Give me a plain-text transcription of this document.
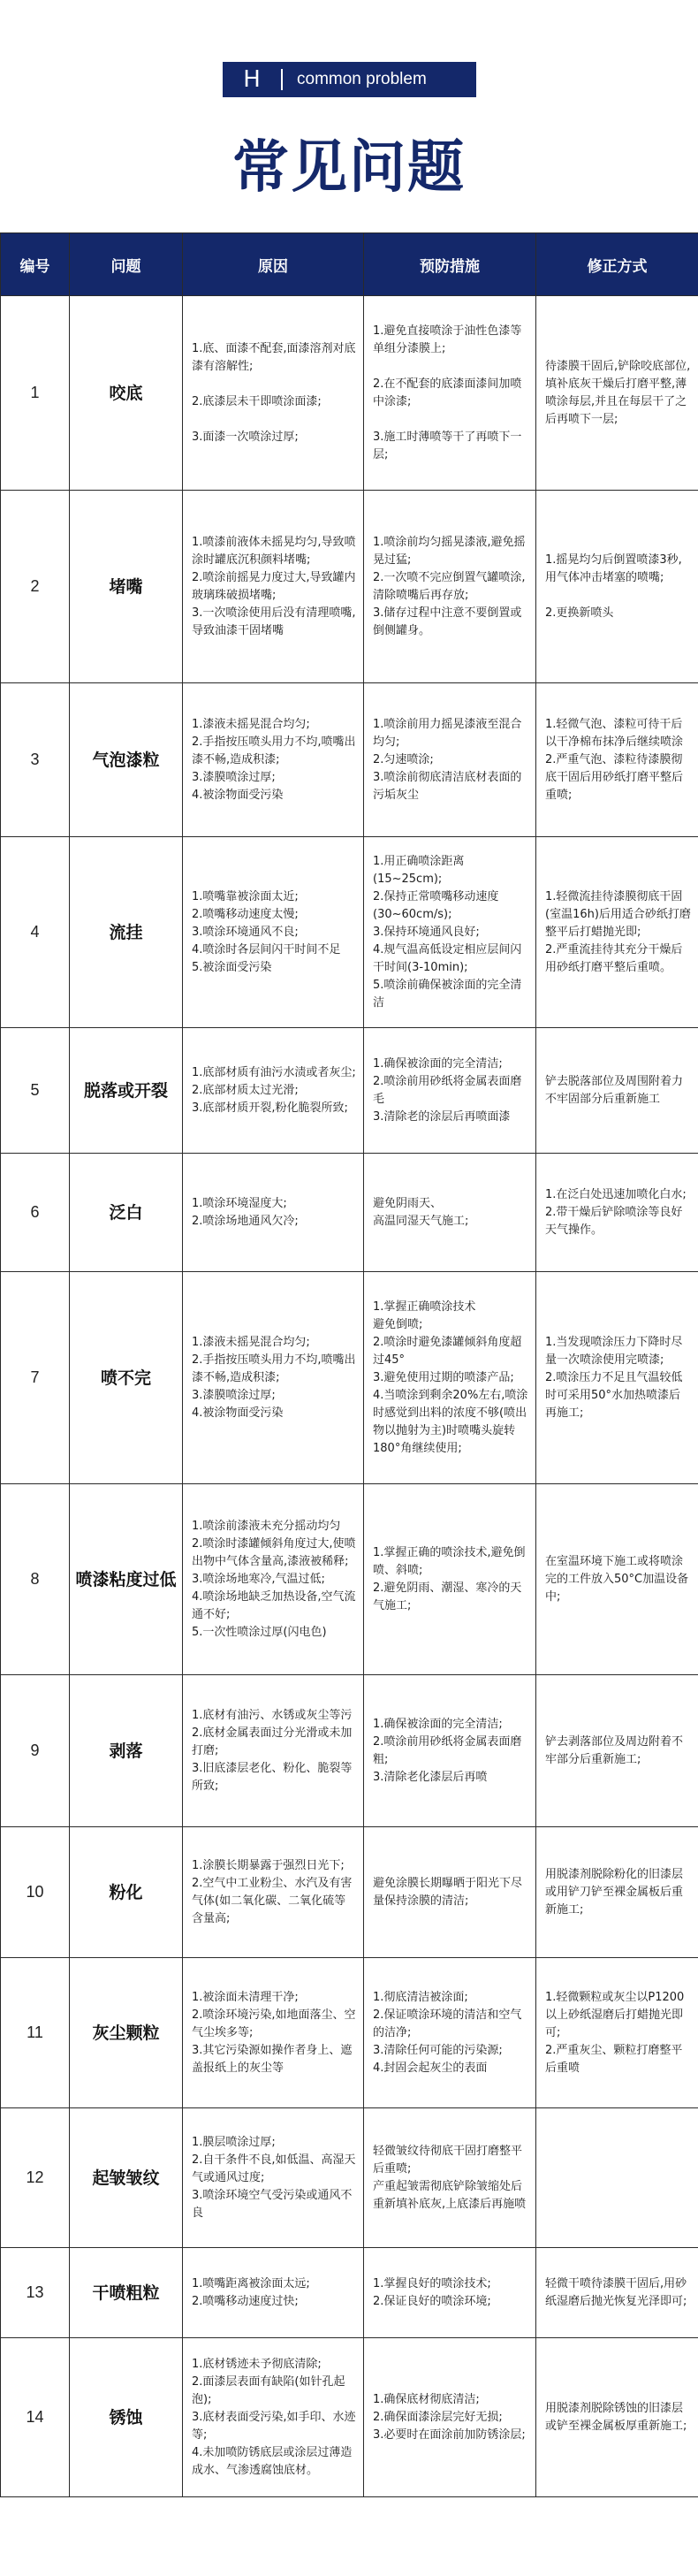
H	common problem
常见问题
编号	问题	原因	预防措施	修正方式
1	咬底	1.底、面漆不配套,面漆溶剂对底漆有溶解性;

2.底漆层未干即喷涂面漆;

3.面漆一次喷涂过厚;	1.避免直接喷涂于油性色漆等单组分漆膜上;

2.在不配套的底漆面漆间加喷中涂漆;

3.施工时薄喷等干了再喷下一层;	待漆膜干固后,铲除咬底部位,填补底灰干燥后打磨平整,薄喷涂每层,并且在每层干了之后再喷下一层;
2	堵嘴	1.喷漆前液体未摇晃均匀,导致喷涂时罐底沉积颜料堵嘴;
2.喷涂前摇晃力度过大,导致罐内玻璃珠破损堵嘴;
3.一次喷涂使用后没有清理喷嘴,导致油漆干固堵嘴	1.喷涂前均匀摇晃漆液,避免摇晃过猛;
2.一次喷不完应倒置气罐喷涂,清除喷嘴后再存放;
3.储存过程中注意不要倒置或倒侧罐身。	1.摇晃均匀后倒置喷漆3秒,用气体冲击堵塞的喷嘴;

2.更换新喷头
3	气泡漆粒	1.漆液未摇晃混合均匀;
2.手指按压喷头用力不均,喷嘴出漆不畅,造成积漆;
3.漆膜喷涂过厚;
4.被涂物面受污染	1.喷涂前用力摇晃漆液至混合均匀;
2.匀速喷涂;
3.喷涂前彻底清洁底材表面的污垢灰尘	1.轻微气泡、漆粒可待干后以干净棉布抹净后继续喷涂
2.严重气泡、漆粒待漆膜彻底干固后用砂纸打磨平整后重喷;
4	流挂	1.喷嘴靠被涂面太近;
2.喷嘴移动速度太慢;
3.喷涂环境通风不良;
4.喷涂时各层间闪干时间不足
5.被涂面受污染	1.用正确喷涂距离(15~25cm);
2.保持正常喷嘴移动速度(30~60cm/s);
3.保持环境通风良好;
4.规气温高低设定相应层间闪干时间(3-10min);
5.喷涂前确保被涂面的完全清洁	1.轻微流挂待漆膜彻底干固(室温16h)后用适合砂纸打磨整平后打蜡抛光即;
2.严重流挂待其充分干燥后用砂纸打磨平整后重喷。
5	脱落或开裂	1.底部材质有油污水渍或者灰尘;
2.底部材质太过光滑;
3.底部材质开裂,粉化脆裂所致;	1.确保被涂面的完全清洁;
2.喷涂前用砂纸将金属表面磨毛
3.清除老的涂层后再喷面漆	铲去脱落部位及周围附着力不牢固部分后重新施工
6	泛白	1.喷涂环境湿度大;
2.喷涂场地通风欠冷;	避免阴雨天、
高温同湿天气施工;	1.在泛白处迅速加喷化白水;
2.带干燥后铲除喷涂等良好天气操作。
7	喷不完	1.漆液未摇晃混合均匀;
2.手指按压喷头用力不均,喷嘴出漆不畅,造成积漆;
3.漆膜喷涂过厚;
4.被涂物面受污染	1.掌握正确喷涂技术
避免倒喷;
2.喷涂时避免漆罐倾斜角度超过45°
3.避免使用过期的喷漆产品;
4.当喷涂到剩余20%左右,喷涂时感觉到出料的浓度不够(喷出物以抛射为主)时喷嘴头旋转180°角继续使用;	1.当发现喷涂压力下降时尽量一次喷涂使用完喷漆;
2.喷涂压力不足且气温较低时可采用50°水加热喷漆后再施工;
8	喷漆粘度过低	1.喷涂前漆液未充分摇动均匀
2.喷涂时漆罐倾斜角度过大,使喷出物中气体含量高,漆液被稀释;
3.喷涂场地寒冷,气温过低;
4.喷涂场地缺乏加热设备,空气流通不好;
5.一次性喷涂过厚(闪电色)	1.掌握正确的喷涂技术,避免倒喷、斜喷;
2.避免阴雨、潮湿、寒冷的天气施工;	在室温环境下施工或将喷涂完的工件放入50°C加温设备中;
9	剥落	1.底材有油污、水锈或灰尘等污
2.底材金属表面过分光滑或未加打磨;
3.旧底漆层老化、粉化、脆裂等所致;	1.确保被涂面的完全清洁;
2.喷涂前用砂纸将金属表面磨粗;
3.清除老化漆层后再喷	铲去剥落部位及周边附着不牢部分后重新施工;
10	粉化	1.涂膜长期暴露于强烈日光下;
2.空气中工业粉尘、水汽及有害气体(如二氧化碳、二氧化硫等含量高;	避免涂膜长期曝晒于阳光下尽量保持涂膜的清洁;	用脱漆剂脱除粉化的旧漆层或用铲刀铲至裸金属板后重新施工;
11	灰尘颗粒	1.被涂面未清理干净;
2.喷涂环境污染,如地面落尘、空气尘埃多等;
3.其它污染源如操作者身上、遮盖报纸上的灰尘等	1.彻底清洁被涂面;
2.保证喷涂环境的清洁和空气的洁净;
3.清除任何可能的污染源;
4.封固会起灰尘的表面	1.轻微颗粒或灰尘以P1200以上砂纸湿磨后打蜡抛光即可;
2.严重灰尘、颗粒打磨整平后重喷
12	起皱皱纹	1.膜层喷涂过厚;
2.自干条件不良,如低温、高湿天气或通风过度;
3.喷涂环境空气受污染或通风不良	轻微皱纹待彻底干固打磨整平后重喷;
产重起皱需彻底铲除皱缩处后重新填补底灰,上底漆后再施喷	
13	干喷粗粒	1.喷嘴距离被涂面太远;
2.喷嘴移动速度过快;	1.掌握良好的喷涂技术;
2.保证良好的喷涂环境;	轻微干喷待漆膜干固后,用砂纸湿磨后抛光恢复光泽即可;
14	锈蚀	1.底材锈迹未予彻底清除;
2.面漆层表面有缺陷(如针孔起泡);
3.底材表面受污染,如手印、水迹等;
4.未加喷防锈底层或涂层过薄造成水、气渗透腐蚀底材。	1.确保底材彻底清洁;
2.确保面漆涂层完好无损;
3.必要时在面涂前加防锈涂层;	用脱漆剂脱除锈蚀的旧漆层或铲至裸金属板厚重新施工;
